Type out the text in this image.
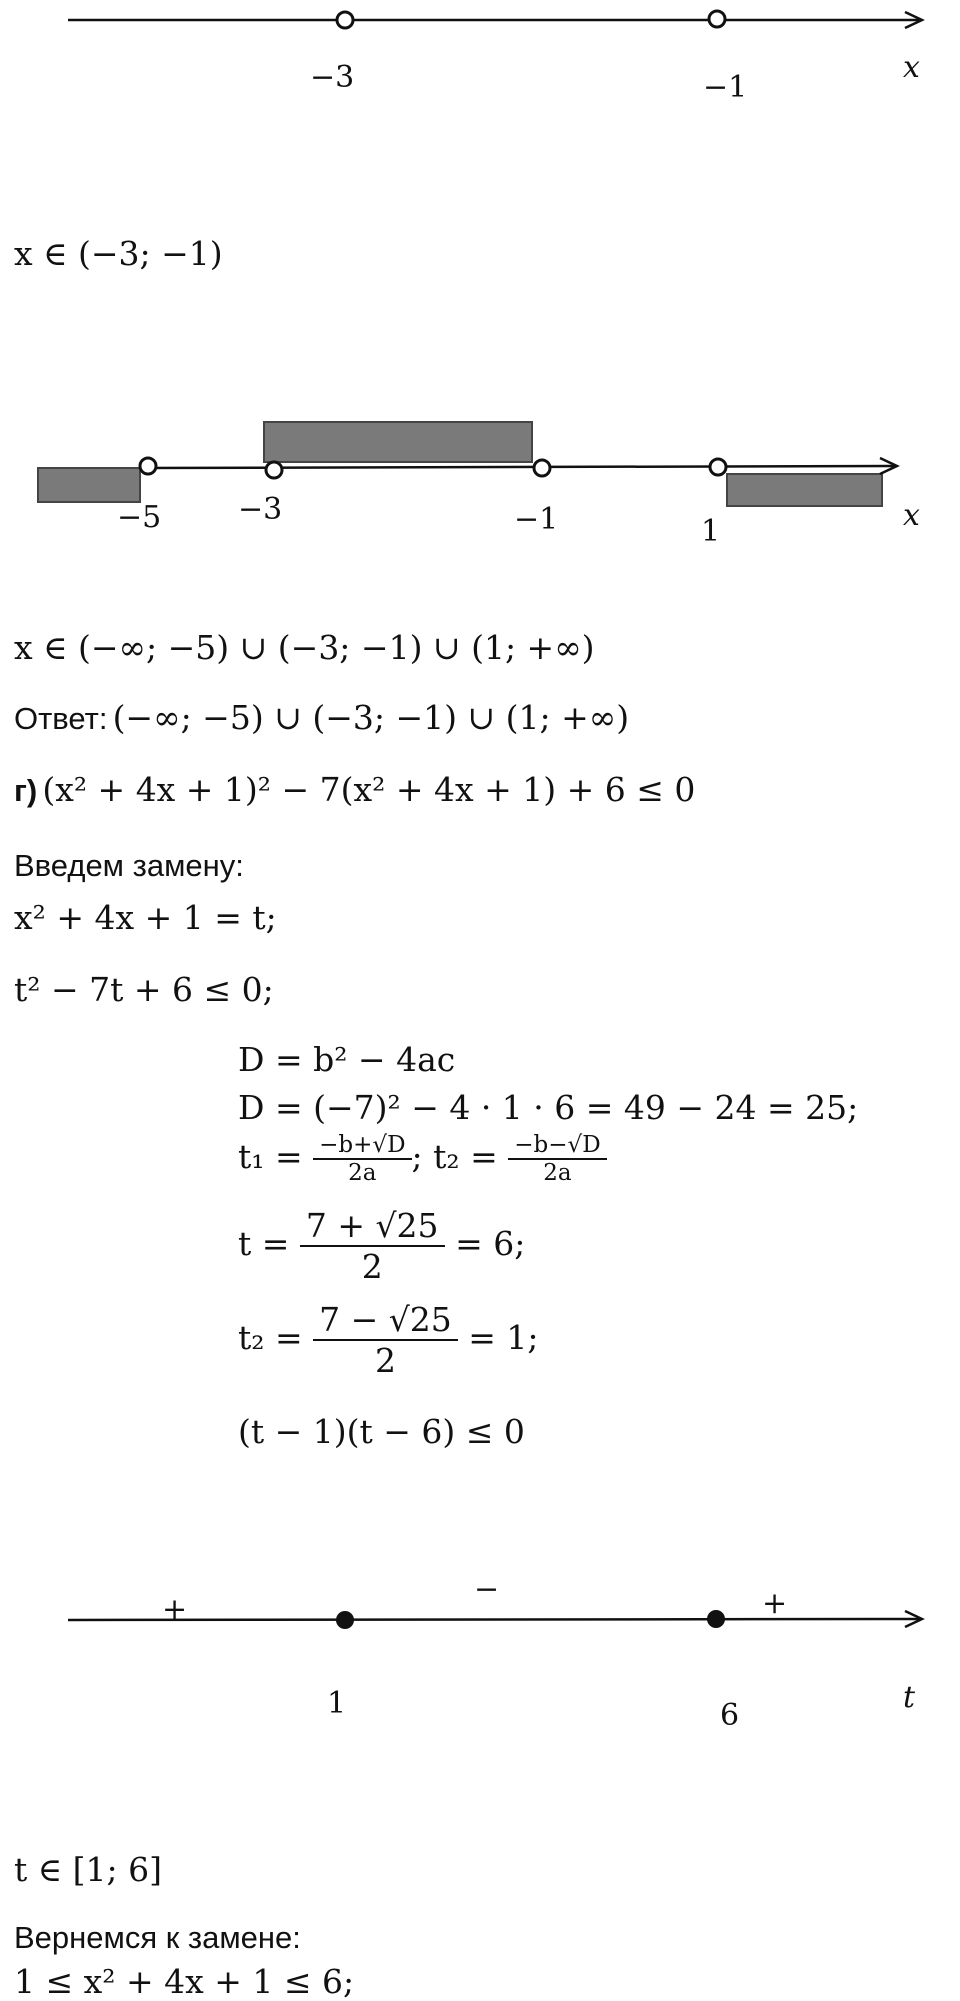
−3	−1
x
x ∈ (−3; −1)
−5	−3	−1	1	x
x ∈ (−∞; −5) ∪ (−3; −1) ∪ (1; +∞)
Ответ: (−∞; −5) ∪ (−3; −1) ∪ (1; +∞)
г) (x² + 4x + 1)² − 7(x² + 4x + 1) + 6 ≤ 0
Введем замену:
x² + 4x + 1 = t;
t² − 7t + 6 ≤ 0;
D = b² − 4ac
D = (−7)² − 4 · 1 · 6 = 49 − 24 = 25;
$t_1 = \frac{-b+√D}{2a}$ ; $t_2 = \frac{-b-√D}{2a}$
$t = \frac{7 + √25}{2} = 6$;
$t_2 = \frac{7 - √25}{2} = 1$;
(t − 1)(t − 6) ≤ 0
+
−	+
1	6
t
t ∈ [1; 6]
Вернемся к замене:
1 ≤ x² + 4x + 1 ≤ 6;
